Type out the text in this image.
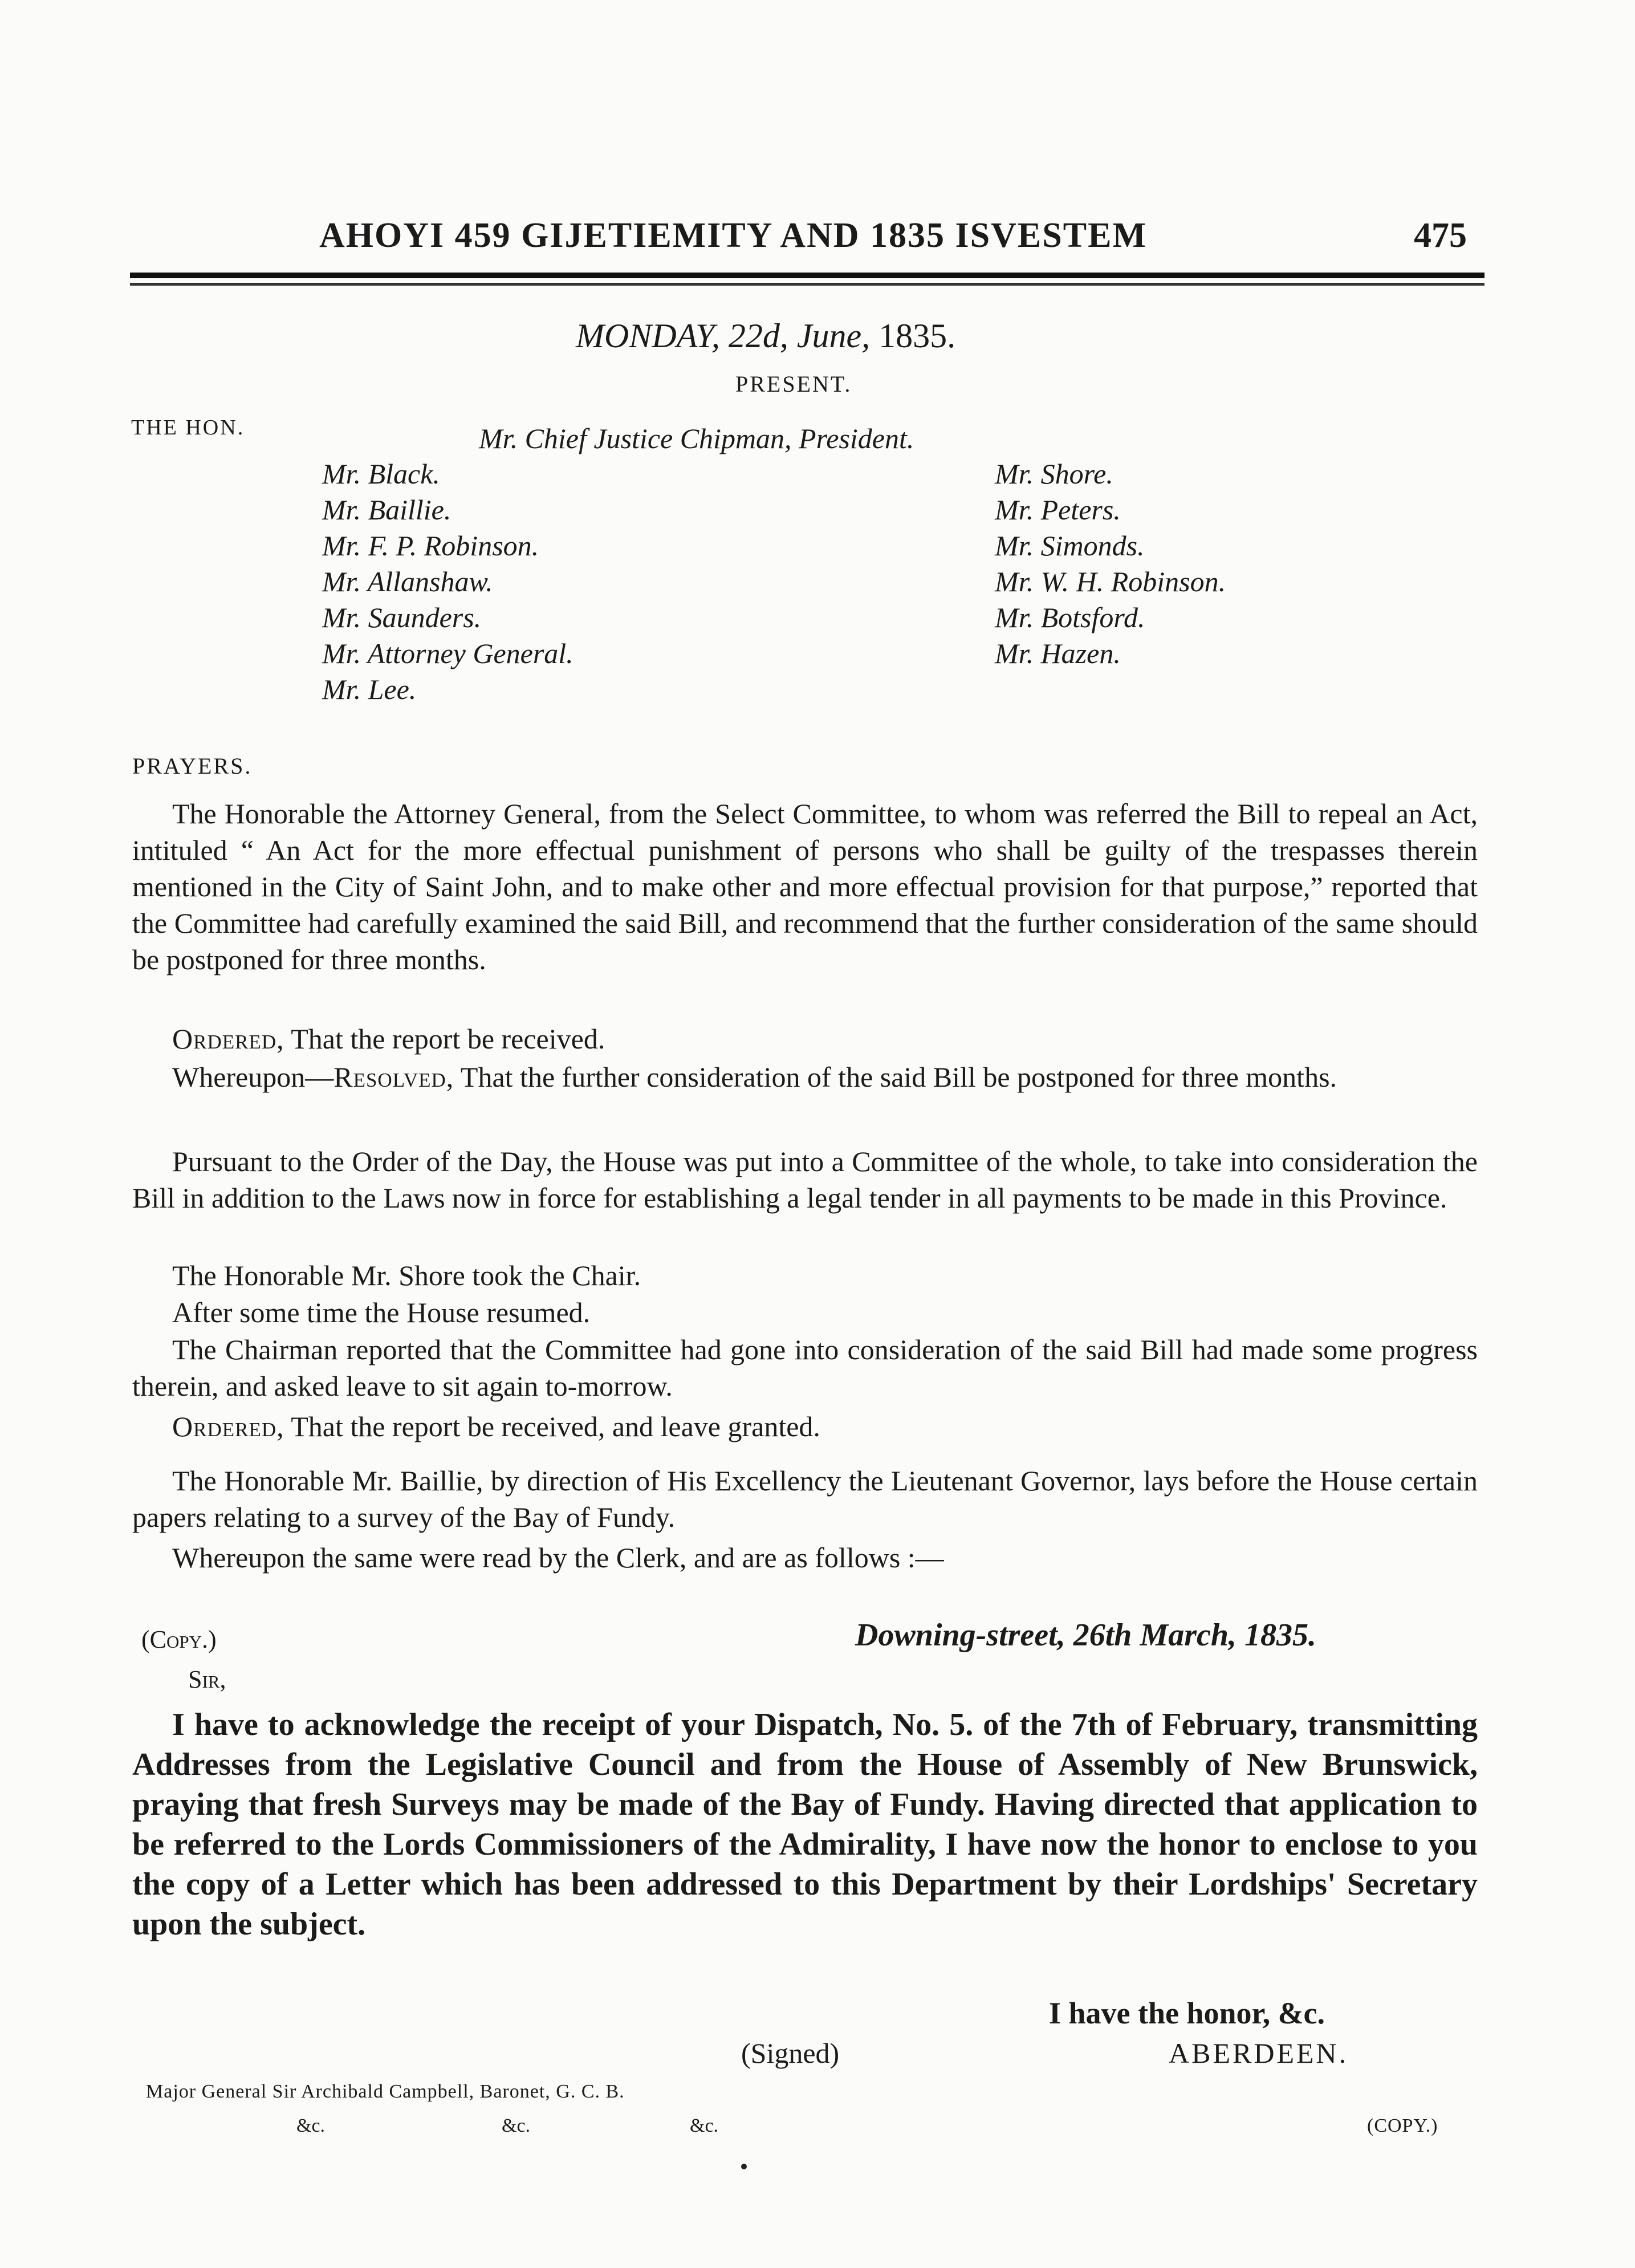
AHOYI 459 GIJETIEMITY AND 1835 ISVESTEM	475
MONDAY, 22d, June, 1835.
PRESENT.
THE HON.	Mr. Chief Justice Chipman, President.
Mr. Black.
Mr. Baillie.
Mr. F. P. Robinson.
Mr. Allanshaw.
Mr. Saunders.
Mr. Attorney General.
Mr. Lee.
Mr. Shore.
Mr. Peters.
Mr. Simonds.
Mr. W. H. Robinson.
Mr. Botsford.
Mr. Hazen.
PRAYERS.
The Honorable the Attorney General, from the Select Committee, to whom was referred the Bill to repeal an Act, intituled “ An Act for the more effectual punishment of persons who shall be guilty of the trespasses therein mentioned in the City of Saint John, and to make other and more effectual provision for that purpose,” reported that the Committee had carefully examined the said Bill, and recommend that the further consideration of the same should be postponed for three months.
Ordered, That the report be received.
Whereupon—Resolved, That the further consideration of the said Bill be postponed for three months.
Pursuant to the Order of the Day, the House was put into a Committee of the whole, to take into consideration the Bill in addition to the Laws now in force for establishing a legal tender in all payments to be made in this Province.
The Honorable Mr. Shore took the Chair.
After some time the House resumed.
The Chairman reported that the Committee had gone into consideration of the said Bill had made some progress therein, and asked leave to sit again to-morrow.
Ordered, That the report be received, and leave granted.
The Honorable Mr. Baillie, by direction of His Excellency the Lieutenant Governor, lays before the House certain papers relating to a survey of the Bay of Fundy.
Whereupon the same were read by the Clerk, and are as follows :—
(Copy.)	Downing-street, 26th March, 1835.
Sir,
I have to acknowledge the receipt of your Dispatch, No. 5. of the 7th of February, transmitting Addresses from the Legislative Council and from the House of Assembly of New Brunswick, praying that fresh Surveys may be made of the Bay of Fundy. Having directed that application to be referred to the Lords Commissioners of the Admirality, I have now the honor to enclose to you the copy of a Letter which has been addressed to this Department by their Lordships' Secretary upon the subject.
I have the honor, &c.
(Signed)	ABERDEEN.
Major General Sir Archibald Campbell, Baronet, G. C. B.
&c.	&c.	&c.	(COPY.)
